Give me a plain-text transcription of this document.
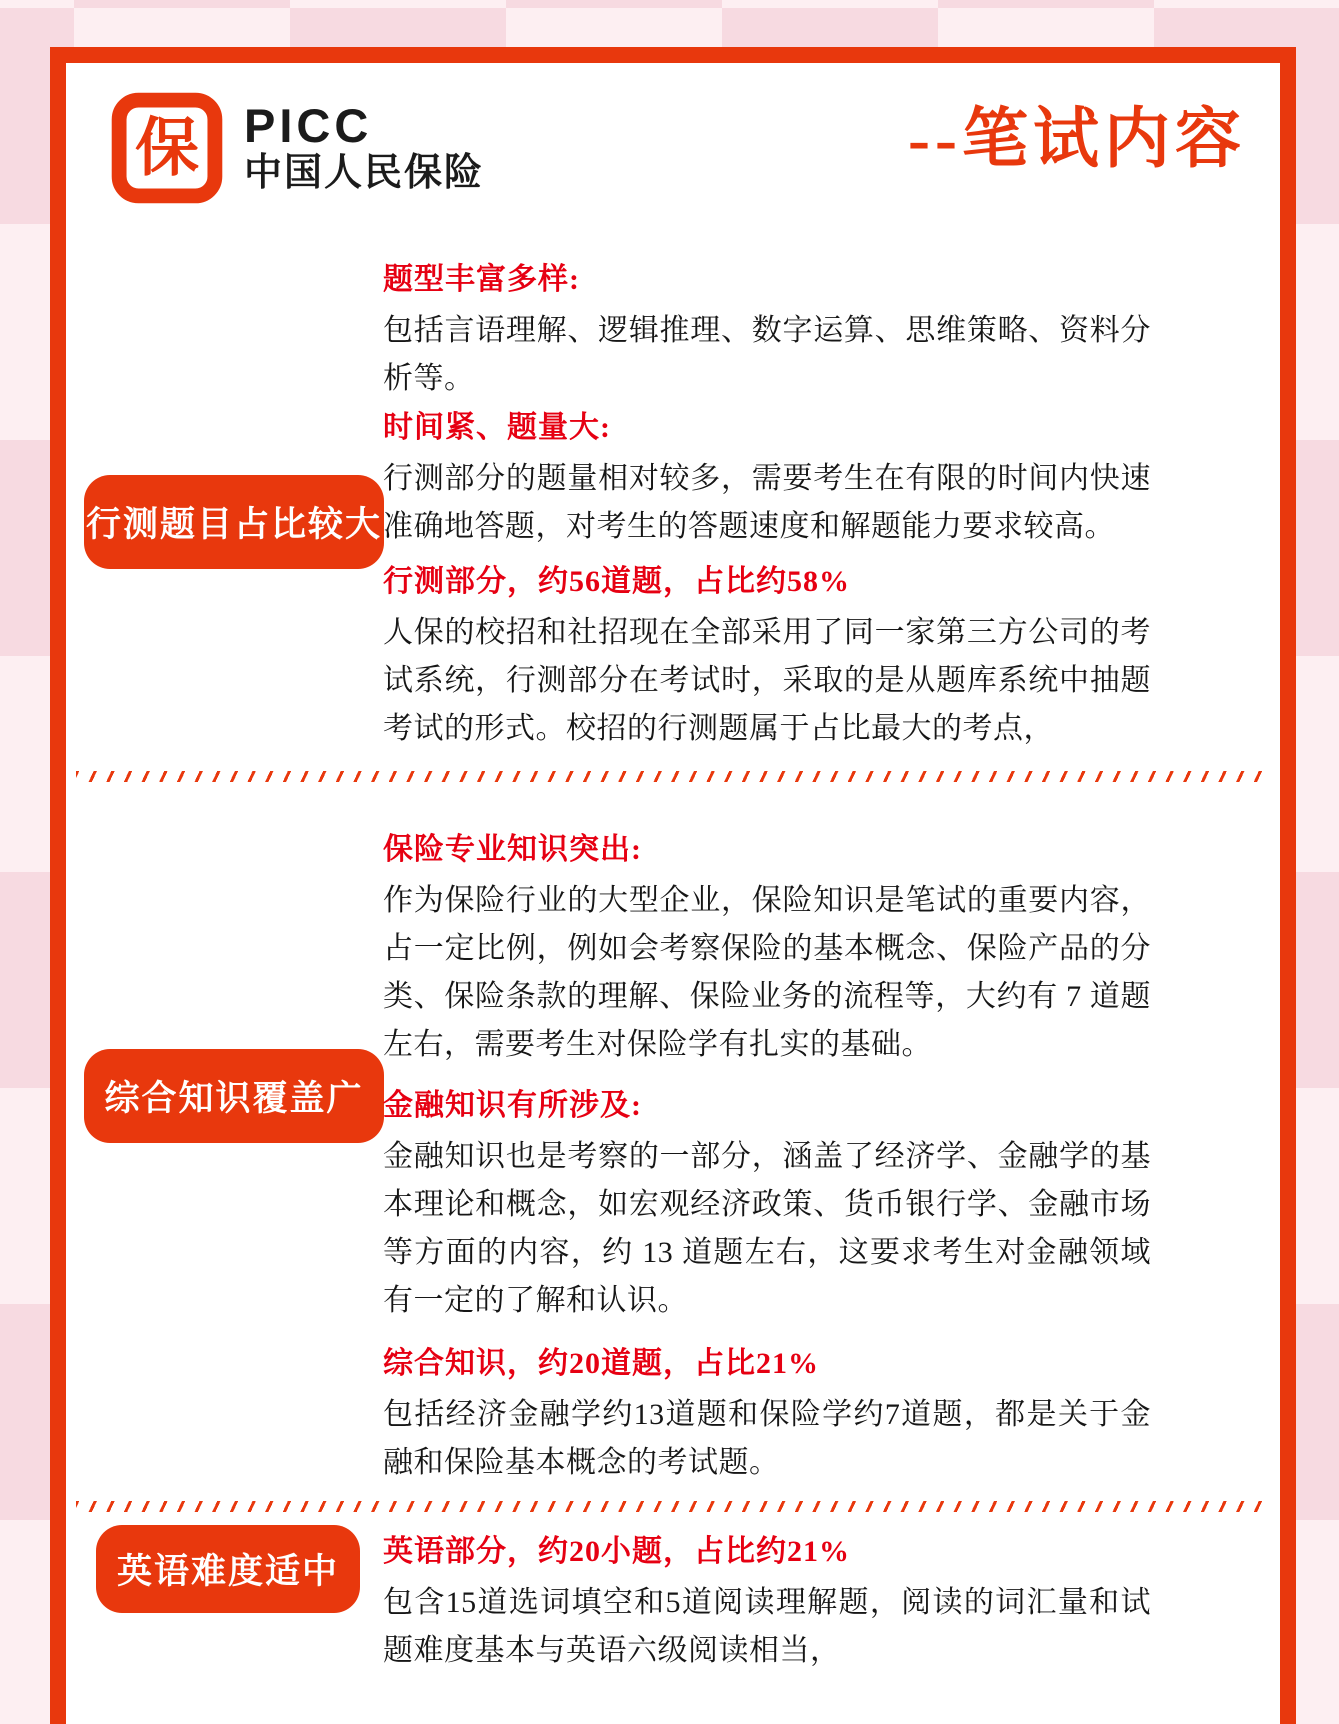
保 PICC
中国人民保险	--笔试内容
行测题目占比较大
综合知识覆盖广
英语难度适中
题型丰富多样:
包括言语理解、逻辑推理、数字运算、思维策略、资料分析等。
时间紧、题量大:
行测部分的题量相对较多，需要考生在有限的时间内快速准确地答题，对考生的答题速度和解题能力要求较高。
行测部分，约56道题，占比约58%
人保的校招和社招现在全部采用了同一家第三方公司的考试系统，行测部分在考试时，采取的是从题库系统中抽题考试的形式。校招的行测题属于占比最大的考点，
保险专业知识突出:
作为保险行业的大型企业，保险知识是笔试的重要内容，占一定比例，例如会考察保险的基本概念、保险产品的分类、保险条款的理解、保险业务的流程等，大约有 7 道题左右，需要考生对保险学有扎实的基础。
金融知识有所涉及:
金融知识也是考察的一部分，涵盖了经济学、金融学的基本理论和概念，如宏观经济政策、货币银行学、金融市场等方面的内容，约 13 道题左右，这要求考生对金融领域有一定的了解和认识。
综合知识，约20道题，占比21%
包括经济金融学约13道题和保险学约7道题，都是关于金融和保险基本概念的考试题。
英语部分，约20小题，占比约21%
包含15道选词填空和5道阅读理解题，阅读的词汇量和试题难度基本与英语六级阅读相当，
